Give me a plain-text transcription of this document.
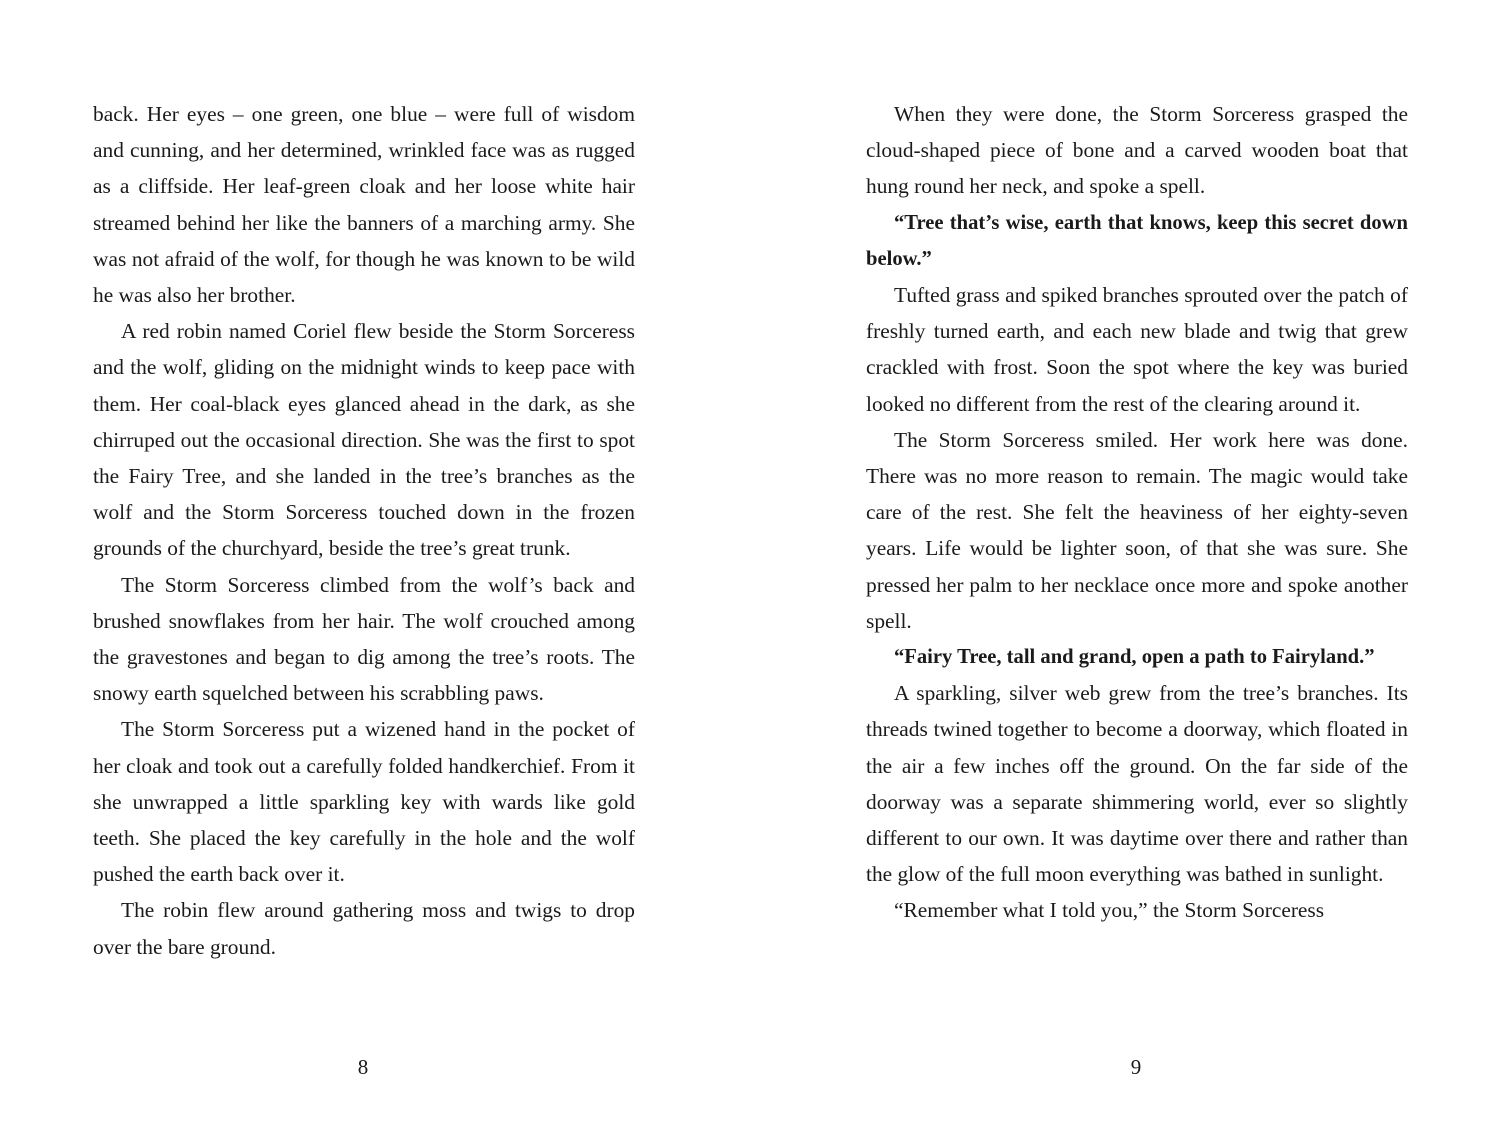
back. Her eyes – one green, one blue – were full of wisdom and cunning, and her determined, wrinkled face was as rugged as a cliffside. Her leaf-green cloak and her loose white hair streamed behind her like the banners of a marching army. She was not afraid of the wolf, for though he was known to be wild he was also her brother.

A red robin named Coriel flew beside the Storm Sorceress and the wolf, gliding on the midnight winds to keep pace with them. Her coal-black eyes glanced ahead in the dark, as she chirruped out the occasional direction. She was the first to spot the Fairy Tree, and she landed in the tree’s branches as the wolf and the Storm Sorceress touched down in the frozen grounds of the churchyard, beside the tree’s great trunk.

The Storm Sorceress climbed from the wolf’s back and brushed snowflakes from her hair. The wolf crouched among the gravestones and began to dig among the tree’s roots. The snowy earth squelched between his scrabbling paws.

The Storm Sorceress put a wizened hand in the pocket of her cloak and took out a carefully folded handkerchief. From it she unwrapped a little sparkling key with wards like gold teeth. She placed the key carefully in the hole and the wolf pushed the earth back over it.

The robin flew around gathering moss and twigs to drop over the bare ground.

8

When they were done, the Storm Sorceress grasped the cloud-shaped piece of bone and a carved wooden boat that hung round her neck, and spoke a spell.

“Tree that’s wise, earth that knows, keep this secret down below.”

Tufted grass and spiked branches sprouted over the patch of freshly turned earth, and each new blade and twig that grew crackled with frost. Soon the spot where the key was buried looked no different from the rest of the clearing around it.

The Storm Sorceress smiled. Her work here was done. There was no more reason to remain. The magic would take care of the rest. She felt the heaviness of her eighty-seven years. Life would be lighter soon, of that she was sure. She pressed her palm to her necklace once more and spoke another spell.

“Fairy Tree, tall and grand, open a path to Fairyland.”

A sparkling, silver web grew from the tree’s branches. Its threads twined together to become a doorway, which floated in the air a few inches off the ground. On the far side of the doorway was a separate shimmering world, ever so slightly different to our own. It was daytime over there and rather than the glow of the full moon everything was bathed in sunlight.

“Remember what I told you,” the Storm Sorceress

9
